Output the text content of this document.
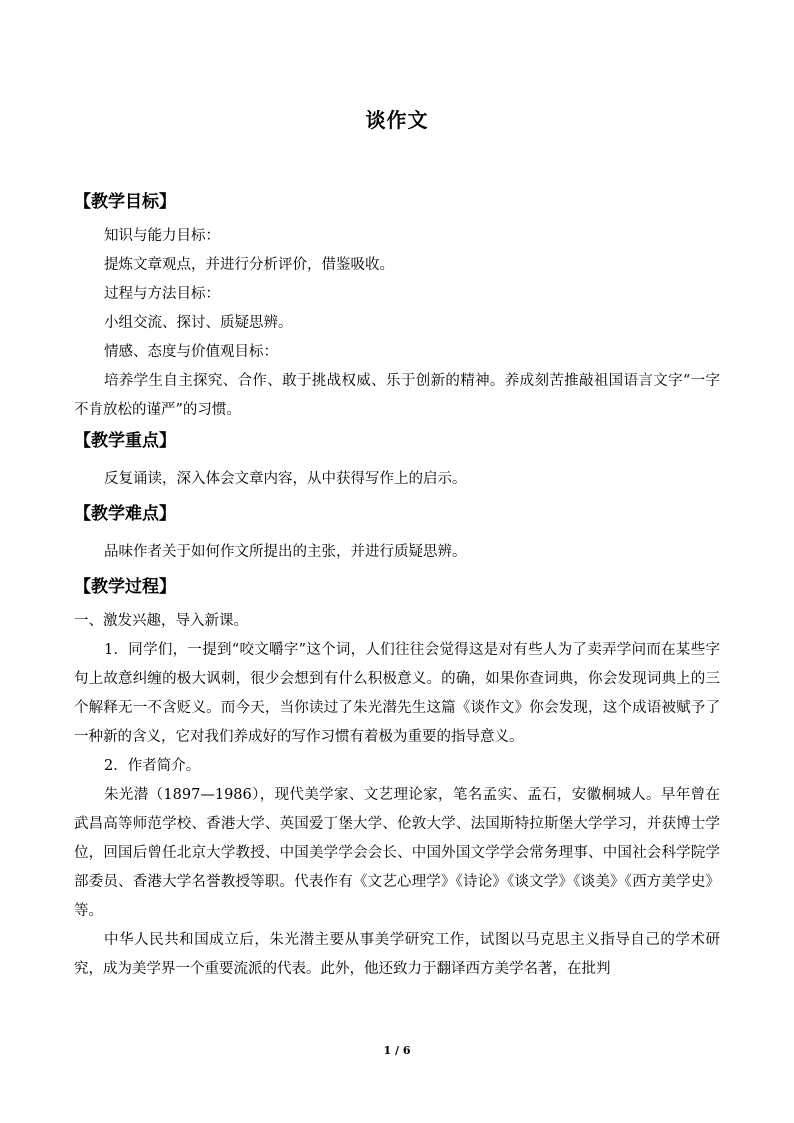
谈作文

【教学目标】

知识与能力目标：

提炼文章观点，并进行分析评价，借鉴吸收。

过程与方法目标：

小组交流、探讨、质疑思辨。

情感、态度与价值观目标：

培养学生自主探究、合作、敢于挑战权威、乐于创新的精神。养成刻苦推敲祖国语言文字“一字不肯放松的谨严”的习惯。

【教学重点】

反复诵读，深入体会文章内容，从中获得写作上的启示。

【教学难点】

品味作者关于如何作文所提出的主张，并进行质疑思辨。

【教学过程】

一、激发兴趣，导入新课。

1．同学们，一提到“咬文嚼字”这个词，人们往往会觉得这是对有些人为了卖弄学问而在某些字句上故意纠缠的极大讽刺，很少会想到有什么积极意义。的确，如果你查词典，你会发现词典上的三个解释无一不含贬义。而今天，当你读过了朱光潜先生这篇《谈作文》你会发现，这个成语被赋予了一种新的含义，它对我们养成好的写作习惯有着极为重要的指导意义。

2．作者简介。

朱光潜（1897—1986），现代美学家、文艺理论家，笔名孟实、孟石，安徽桐城人。早年曾在武昌高等师范学校、香港大学、英国爱丁堡大学、伦敦大学、法国斯特拉斯堡大学学习，并获博士学位，回国后曾任北京大学教授、中国美学学会会长、中国外国文学学会常务理事、中国社会科学院学部委员、香港大学名誉教授等职。代表作有《文艺心理学》《诗论》《谈文学》《谈美》《西方美学史》等。

中华人民共和国成立后，朱光潜主要从事美学研究工作，试图以马克思主义指导自己的学术研究，成为美学界一个重要流派的代表。此外，他还致力于翻译西方美学名著，在批判

1 / 6
